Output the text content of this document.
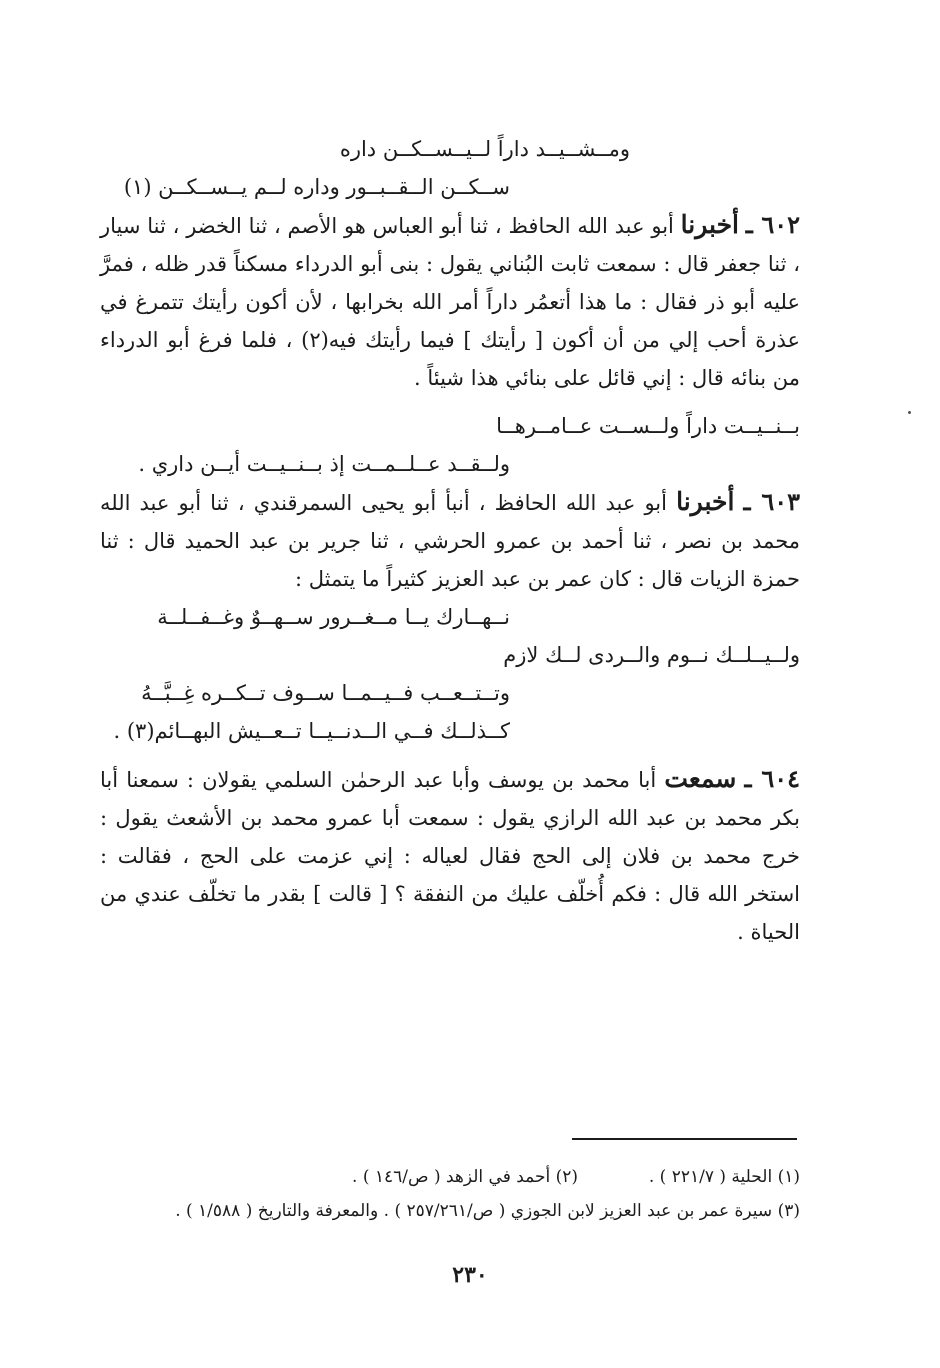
ومــشــيــد داراً لــيــســكــن داره
ســكــن الــقــبــور وداره لــم يــســكــن (١)

٦٠٢ ـ أخبرنا أبو عبد الله الحافظ ، ثنا أبو العباس هو الأصم ، ثنا الخضر ، ثنا سيار ، ثنا جعفر قال : سمعت ثابت البُناني يقول : بنى أبو الدرداء مسكناً قدر ظله ، فمرَّ عليه أبو ذر فقال : ما هذا أتعمُر داراً أمر الله بخرابها ، لأن أكون رأيتك تتمرغ في عذرة أحب إلي من أن أكون [ رأيتك ] فيما رأيتك فيه(٢) ، فلما فرغ أبو الدرداء من بنائه قال : إني قائل على بنائي هذا شيئاً .

بــنــيــت داراً ولــســت عــامــرهــا
ولــقــد عــلــمــت إذ بــنــيــت أيــن داري .

٦٠٣ ـ أخبرنا أبو عبد الله الحافظ ، أنبأ أبو يحيى السمرقندي ، ثنا أبو عبد الله محمد بن نصر ، ثنا أحمد بن عمرو الحرشي ، ثنا جرير بن عبد الحميد قال : ثنا حمزة الزيات قال : كان عمر بن عبد العزيز كثيراً ما يتمثل :

نــهــارك يــا مــغــرور ســهــوٌ وغــفــلــة
ولــيــلــك نــوم والــردى لــك لازم
وتــتــعــب فــيــمــا ســوف تــكــره غِــبَّــهُ
كــذلــك فــي الــدنــيــا تــعــيش البهــائم(٣) .

٦٠٤ ـ سمعت أبا محمد بن يوسف وأبا عبد الرحمٰن السلمي يقولان : سمعنا أبا بكر محمد بن عبد الله الرازي يقول : سمعت أبا عمرو محمد بن الأشعث يقول : خرج محمد بن فلان إلى الحج فقال لعياله : إني عزمت على الحج ، فقالت : استخر الله قال : فكم أُخلّف عليك من النفقة ؟ [ قالت ] بقدر ما تخلّف عندي من الحياة .

(١) الحلية ( ٢٢١/٧ ) .  (٢) أحمد في الزهد ( ص/١٤٦ ) .
(٣) سيرة عمر بن عبد العزيز لابن الجوزي ( ص/٢٥٧/٢٦١ ) . والمعرفة والتاريخ ( ١/٥٨٨ ) .
٢٣٠
